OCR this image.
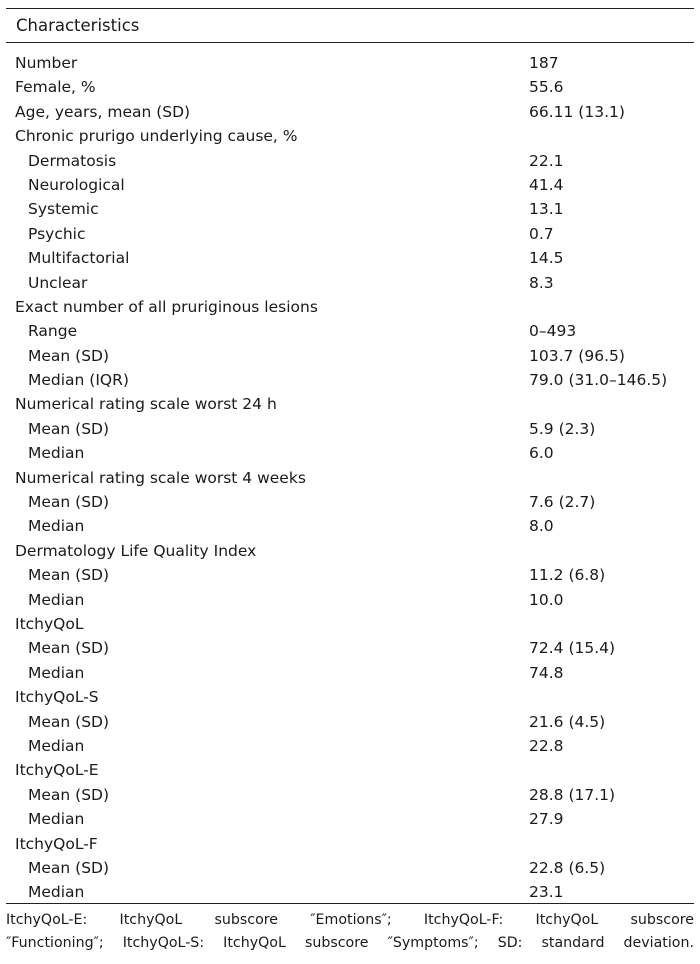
Characteristics
Number	187
Female, %	55.6
Age, years, mean (SD)	66.11 (13.1)
Chronic prurigo underlying cause, %
Dermatosis	22.1
Neurological	41.4
Systemic	13.1
Psychic	0.7
Multifactorial	14.5
Unclear	8.3
Exact number of all pruriginous lesions
Range	0–493
Mean (SD)	103.7 (96.5)
Median (IQR)	79.0 (31.0–146.5)
Numerical rating scale worst 24 h
Mean (SD)	5.9 (2.3)
Median	6.0
Numerical rating scale worst 4 weeks
Mean (SD)	7.6 (2.7)
Median	8.0
Dermatology Life Quality Index
Mean (SD)	11.2 (6.8)
Median	10.0
ItchyQoL
Mean (SD)	72.4 (15.4)
Median	74.8
ItchyQoL-S
Mean (SD)	21.6 (4.5)
Median	22.8
ItchyQoL-E
Mean (SD)	28.8 (17.1)
Median	27.9
ItchyQoL-F
Mean (SD)	22.8 (6.5)
Median	23.1
ItchyQoL-E: ItchyQoL subscore ″Emotions″; ItchyQoL-F: ItchyQoL subscore
″Functioning″; ItchyQoL-S: ItchyQoL subscore ″Symptoms″; SD: standard deviation.
